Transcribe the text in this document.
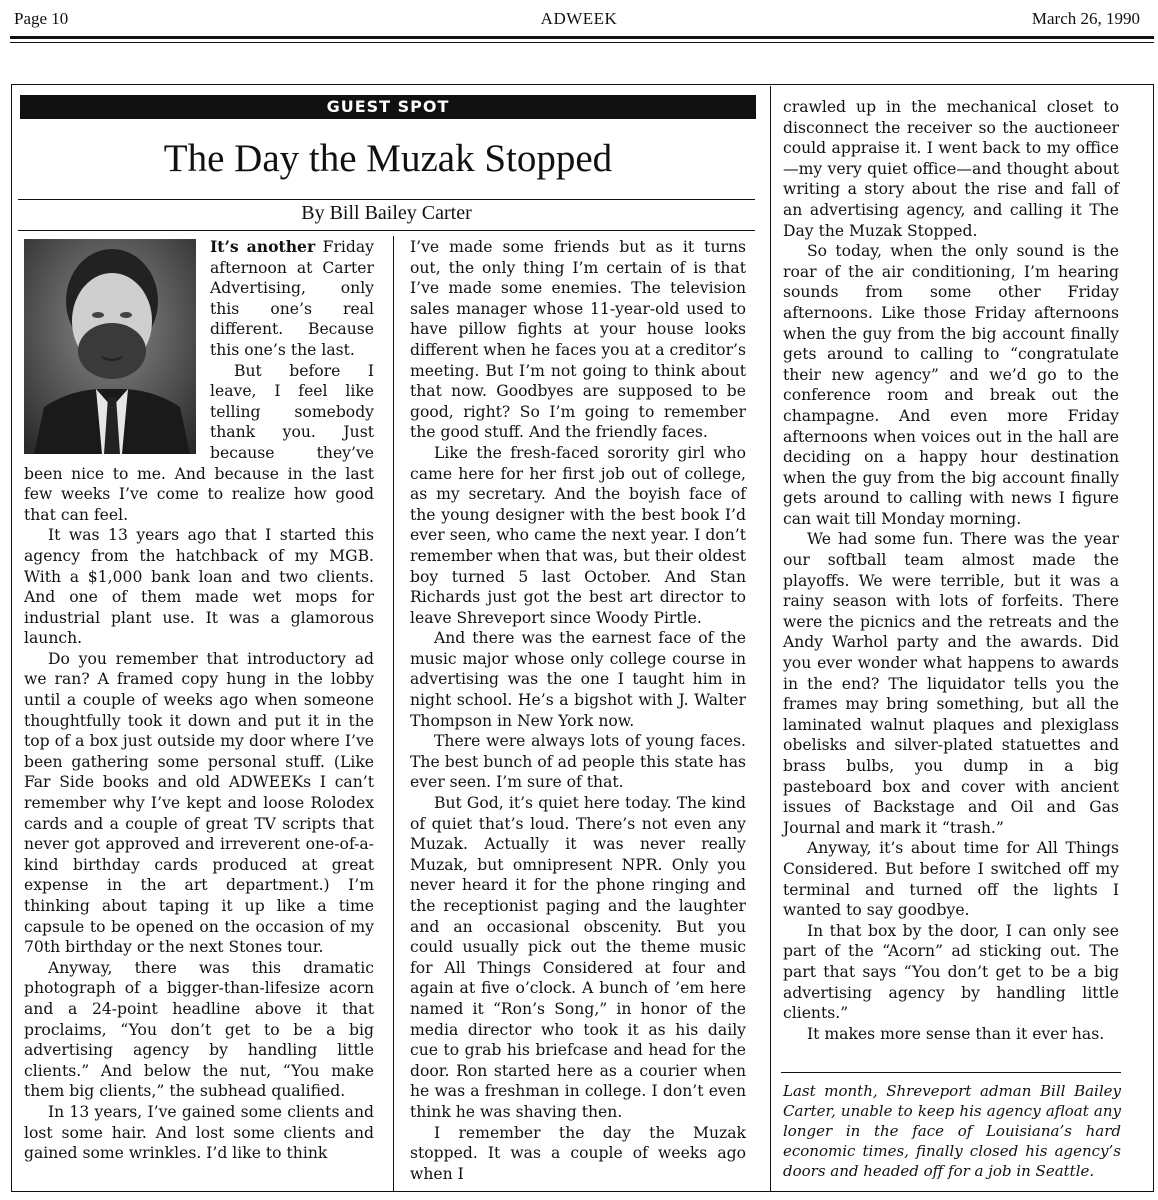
Page 10	ADWEEK	March 26, 1990
GUEST SPOT
The Day the Muzak Stopped
By Bill Bailey Carter

It’s another Friday afternoon at Carter Advertising, only this one’s real different. Because this one’s the last.

But before I leave, I feel like telling somebody thank you. Just because they’ve been nice to me. And because in the last few weeks I’ve come to realize how good that can feel.

It was 13 years ago that I started this agency from the hatchback of my MGB. With a $1,000 bank loan and two clients. And one of them made wet mops for industrial plant use. It was a glamorous launch.

Do you remember that introductory ad we ran? A framed copy hung in the lobby until a couple of weeks ago when someone thoughtfully took it down and put it in the top of a box just outside my door where I’ve been gathering some personal stuff. (Like Far Side books and old ADWEEKs I can’t remember why I’ve kept and loose Rolodex cards and a couple of great TV scripts that never got approved and irreverent one-of-a-kind birthday cards produced at great expense in the art department.) I’m thinking about taping it up like a time capsule to be opened on the occasion of my 70th birthday or the next Stones tour.

Anyway, there was this dramatic photograph of a bigger-than-lifesize acorn and a 24-point headline above it that proclaims, “You don’t get to be a big advertising agency by handling little clients.” And below the nut, “You make them big clients,” the subhead qualified.

In 13 years, I’ve gained some clients and lost some hair. And lost some clients and gained some wrinkles. I’d like to think

I’ve made some friends but as it turns out, the only thing I’m certain of is that I’ve made some enemies. The television sales manager whose 11-year-old used to have pillow fights at your house looks different when he faces you at a creditor’s meeting. But I’m not going to think about that now. Goodbyes are supposed to be good, right? So I’m going to remember the good stuff. And the friendly faces.

Like the fresh-faced sorority girl who came here for her first job out of college, as my secretary. And the boyish face of the young designer with the best book I’d ever seen, who came the next year. I don’t remember when that was, but their oldest boy turned 5 last October. And Stan Richards just got the best art director to leave Shreveport since Woody Pirtle.

And there was the earnest face of the music major whose only college course in advertising was the one I taught him in night school. He’s a bigshot with J. Walter Thompson in New York now.

There were always lots of young faces. The best bunch of ad people this state has ever seen. I’m sure of that.

But God, it’s quiet here today. The kind of quiet that’s loud. There’s not even any Muzak. Actually it was never really Muzak, but omnipresent NPR. Only you never heard it for the phone ringing and the receptionist paging and the laughter and an occasional obscenity. But you could usually pick out the theme music for All Things Considered at four and again at five o’clock. A bunch of ’em here named it “Ron’s Song,” in honor of the media director who took it as his daily cue to grab his briefcase and head for the door. Ron started here as a courier when he was a freshman in college. I don’t even think he was shaving then.

I remember the day the Muzak stopped. It was a couple of weeks ago when I

crawled up in the mechanical closet to disconnect the receiver so the auctioneer could appraise it. I went back to my office—my very quiet office—and thought about writing a story about the rise and fall of an advertising agency, and calling it The Day the Muzak Stopped.

So today, when the only sound is the roar of the air conditioning, I’m hearing sounds from some other Friday afternoons. Like those Friday afternoons when the guy from the big account finally gets around to calling to “congratulate their new agency” and we’d go to the conference room and break out the champagne. And even more Friday afternoons when voices out in the hall are deciding on a happy hour destination when the guy from the big account finally gets around to calling with news I figure can wait till Monday morning.

We had some fun. There was the year our softball team almost made the playoffs. We were terrible, but it was a rainy season with lots of forfeits. There were the picnics and the retreats and the Andy Warhol party and the awards. Did you ever wonder what happens to awards in the end? The liquidator tells you the frames may bring something, but all the laminated walnut plaques and plexiglass obelisks and silver-plated statuettes and brass bulbs, you dump in a big pasteboard box and cover with ancient issues of Backstage and Oil and Gas Journal and mark it “trash.”

Anyway, it’s about time for All Things Considered. But before I switched off my terminal and turned off the lights I wanted to say goodbye.

In that box by the door, I can only see part of the “Acorn” ad sticking out. The part that says “You don’t get to be a big advertising agency by handling little clients.”

It makes more sense than it ever has.

Last month, Shreveport adman Bill Bailey Carter, unable to keep his agency afloat any longer in the face of Louisiana’s hard economic times, finally closed his agency’s doors and headed off for a job in Seattle.
